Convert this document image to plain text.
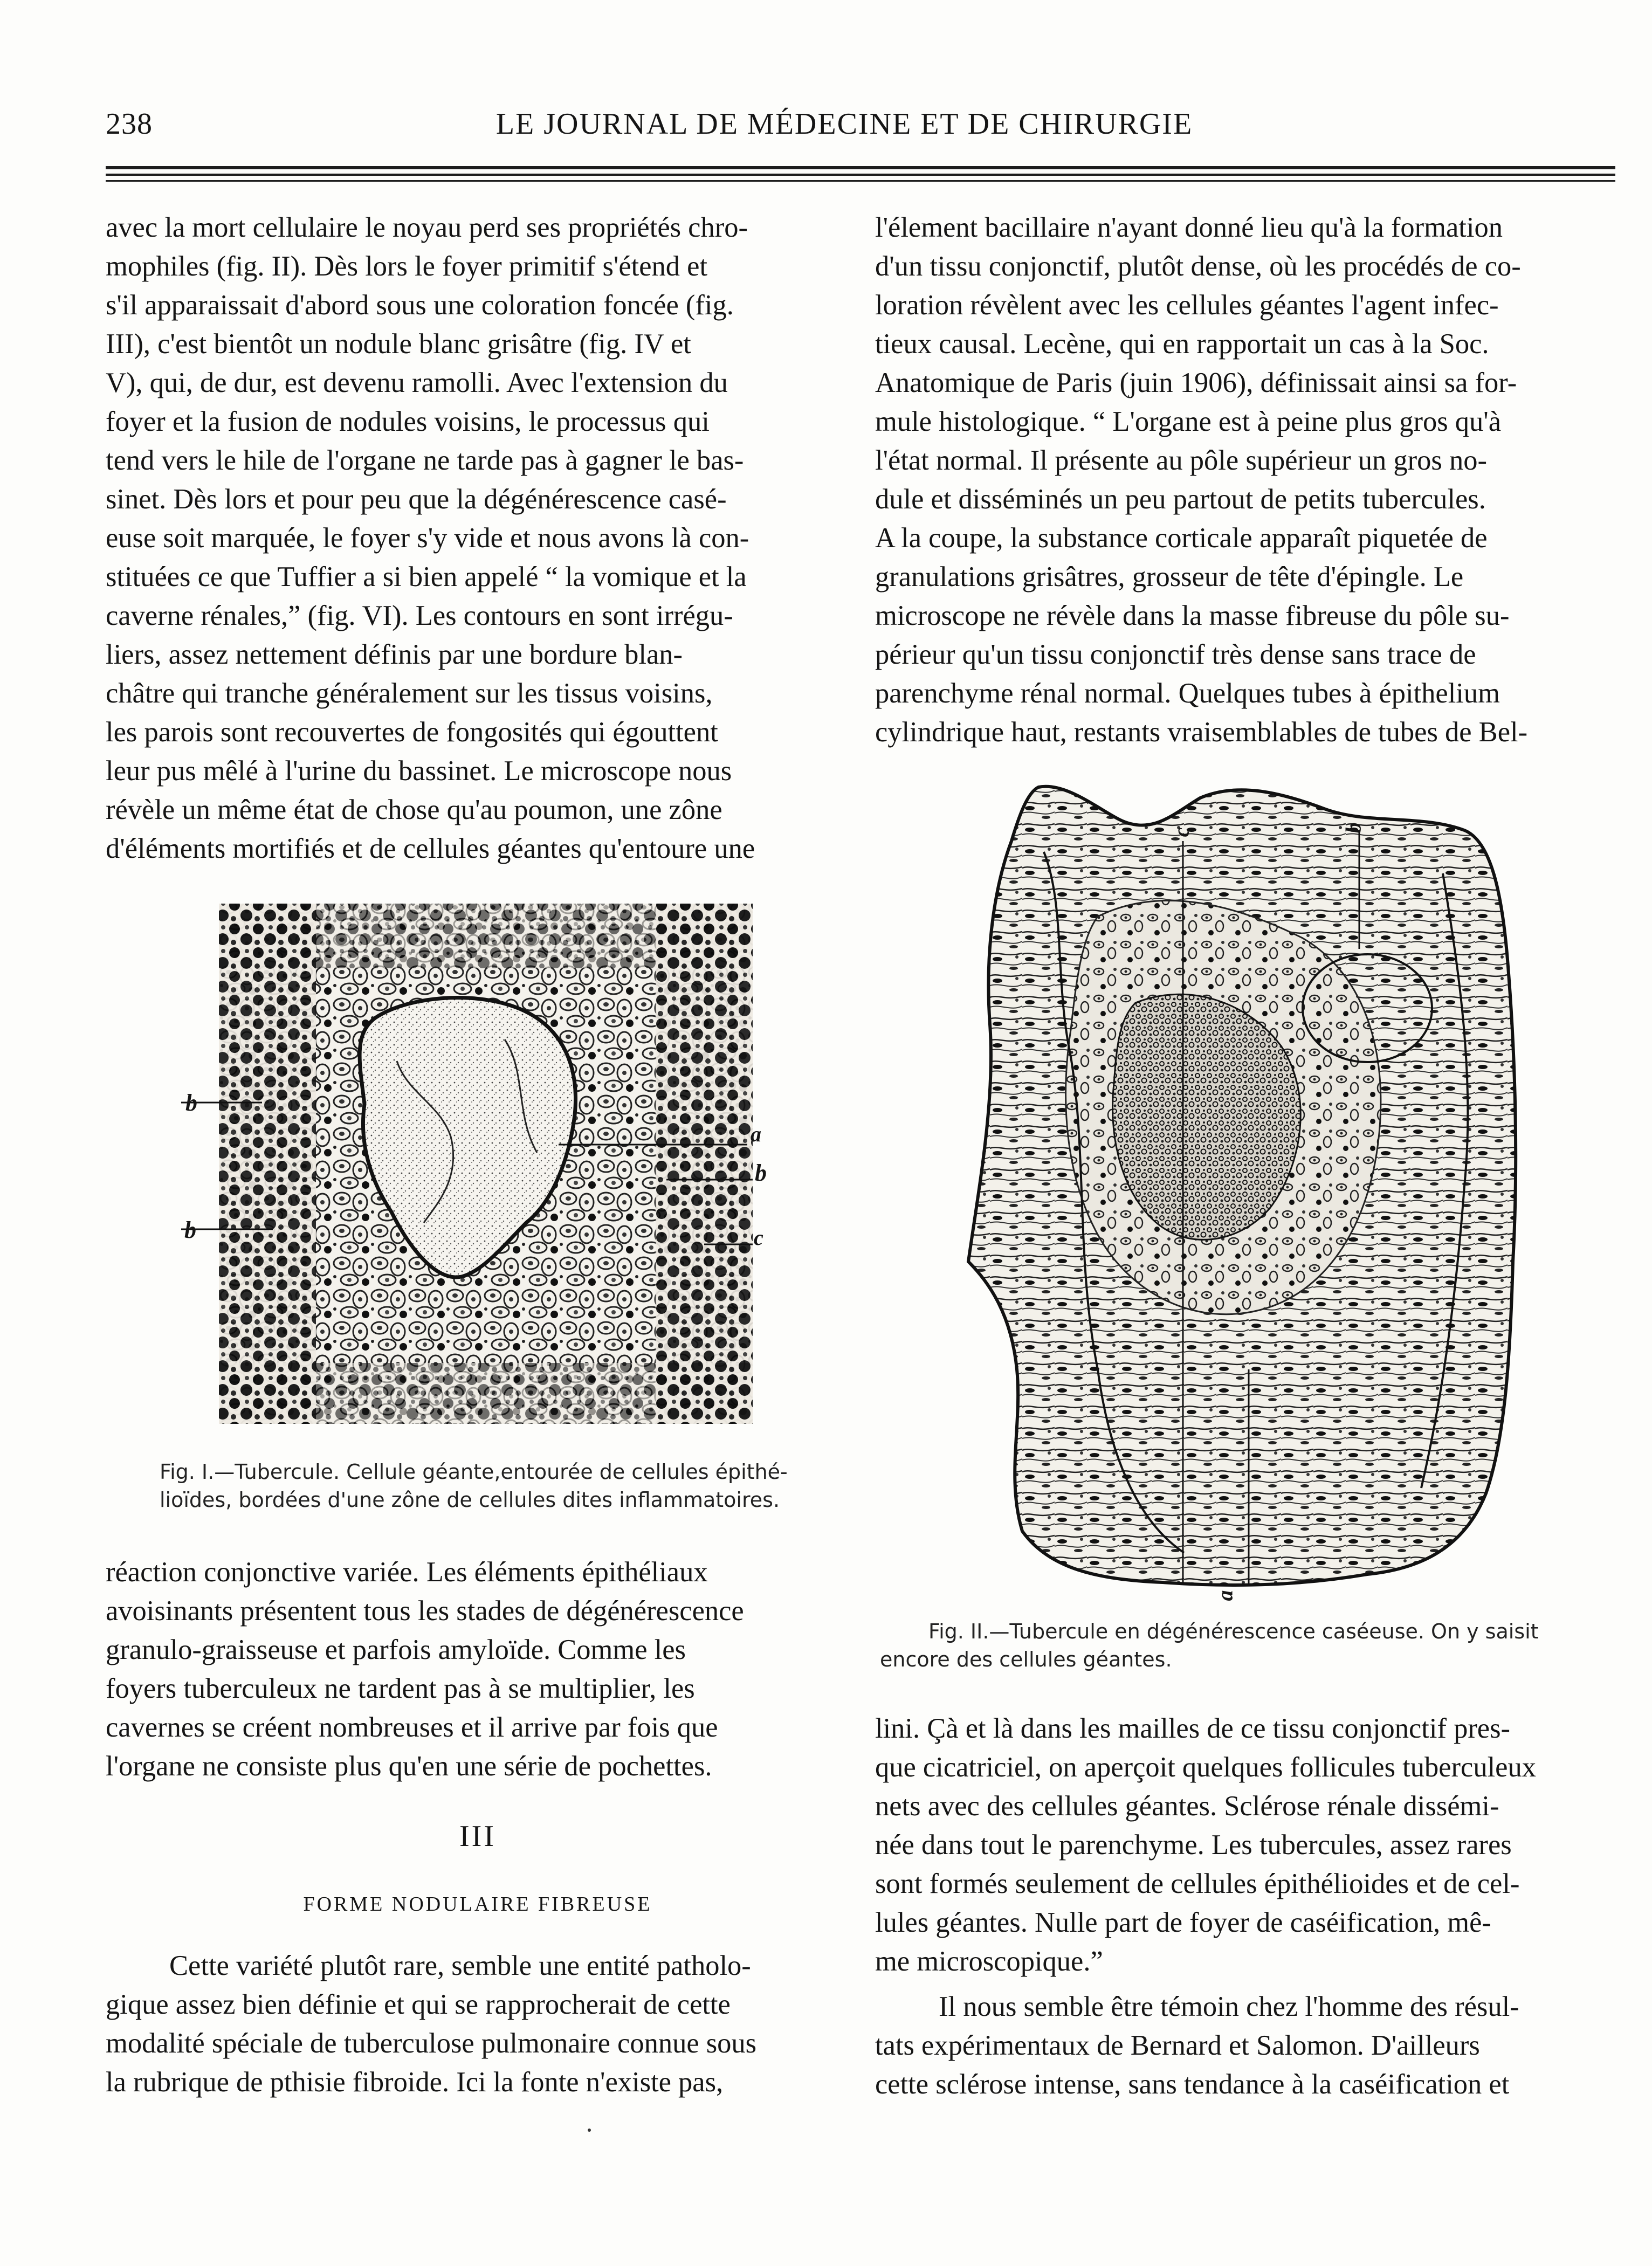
238	LE JOURNAL DE MÉDECINE ET DE CHIRURGIE

avec la mort cellulaire le noyau perd ses propriétés chro-

mophiles (fig. II). Dès lors le foyer primitif s'étend et

s'il apparaissait d'abord sous une coloration foncée (fig.

III), c'est bientôt un nodule blanc grisâtre (fig. IV et

V), qui, de dur, est devenu ramolli. Avec l'extension du

foyer et la fusion de nodules voisins, le processus qui

tend vers le hile de l'organe ne tarde pas à gagner le bas-

sinet. Dès lors et pour peu que la dégénérescence casé-

euse soit marquée, le foyer s'y vide et nous avons là con-

stituées ce que Tuffier a si bien appelé “ la vomique et la

caverne rénales,” (fig. VI). Les contours en sont irrégu-

liers, assez nettement définis par une bordure blan-

châtre qui tranche généralement sur les tissus voisins,

les parois sont recouvertes de fongosités qui égouttent

leur pus mêlé à l'urine du bassinet. Le microscope nous

révèle un même état de chose qu'au poumon, une zône

d'éléments mortifiés et de cellules géantes qu'entoure une

b
b
a
b
c
Fig. I.—Tubercule. Cellule géante,entourée de cellules épithé-
lioïdes, bordées d'une zône de cellules dites inflammatoires.

réaction conjonctive variée. Les éléments épithéliaux

avoisinants présentent tous les stades de dégénérescence

granulo-graisseuse et parfois amyloïde. Comme les

foyers tuberculeux ne tardent pas à se multiplier, les

cavernes se créent nombreuses et il arrive par fois que

l'organe ne consiste plus qu'en une série de pochettes.

III
FORME NODULAIRE FIBREUSE

Cette variété plutôt rare, semble une entité patholo-

gique assez bien définie et qui se rapprocherait de cette

modalité spéciale de tuberculose pulmonaire connue sous

la rubrique de pthisie fibroide. Ici la fonte n'existe pas,

l'élement bacillaire n'ayant donné lieu qu'à la formation

d'un tissu conjonctif, plutôt dense, où les procédés de co-

loration révèlent avec les cellules géantes l'agent infec-

tieux causal. Lecène, qui en rapportait un cas à la Soc.

Anatomique de Paris (juin 1906), définissait ainsi sa for-

mule histologique. “ L'organe est à peine plus gros qu'à

l'état normal. Il présente au pôle supérieur un gros no-

dule et disséminés un peu partout de petits tubercules.

A la coupe, la substance corticale apparaît piquetée de

granulations grisâtres, grosseur de tête d'épingle. Le

microscope ne révèle dans la masse fibreuse du pôle su-

périeur qu'un tissu conjonctif très dense sans trace de

parenchyme rénal normal. Quelques tubes à épithelium

cylindrique haut, restants vraisemblables de tubes de Bel-

c	b
a
Fig. II.—Tubercule en dégénérescence caséeuse. On y saisit
encore des cellules géantes.

lini. Çà et là dans les mailles de ce tissu conjonctif pres-

que cicatriciel, on aperçoit quelques follicules tuberculeux

nets avec des cellules géantes. Sclérose rénale dissémi-

née dans tout le parenchyme. Les tubercules, assez rares

sont formés seulement de cellules épithélioides et de cel-

lules géantes. Nulle part de foyer de caséification, mê-

me microscopique.”

Il nous semble être témoin chez l'homme des résul-

tats expérimentaux de Bernard et Salomon. D'ailleurs

cette sclérose intense, sans tendance à la caséification et
